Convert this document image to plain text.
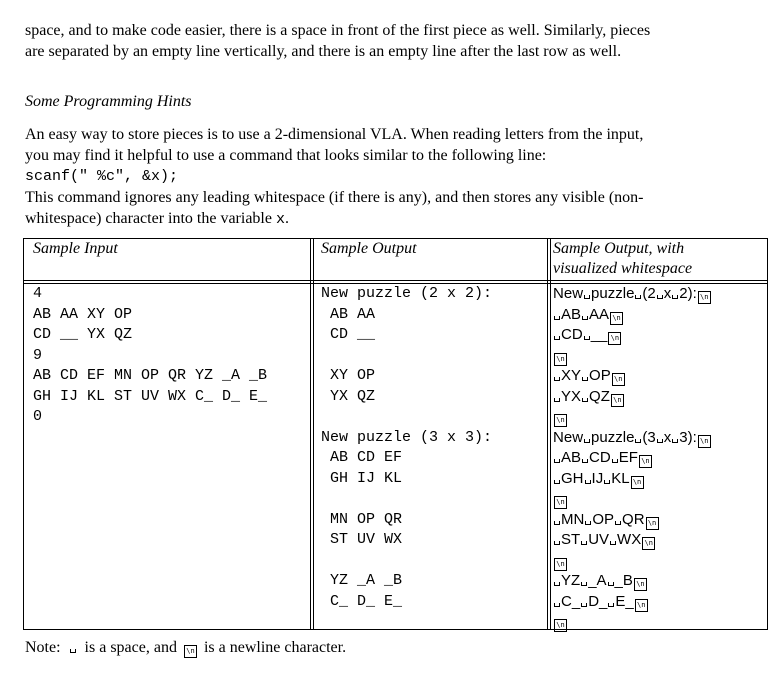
space, and to make code easier, there is a space in front of the first piece as well. Similarly, pieces
are separated by an empty line vertically, and there is an empty line after the last row as well.
Some Programming Hints
An easy way to store pieces is to use a 2-dimensional VLA. When reading letters from the input,
you may find it helpful to use a command that looks similar to the following line:
scanf(" %c", &x);
This command ignores any leading whitespace (if there is any), and then stores any visible (non-
whitespace) character into the variable x.
Sample Input	Sample Output	Sample Output, with
visualized whitespace
4
AB AA XY OP
CD __ YX QZ
9
AB CD EF MN OP QR YZ _A _B
GH IJ KL ST UV WX C_ D_ E_
0
New puzzle (2 x 2):
AB AA
CD __
XY OP
YX QZ
New puzzle (3 x 3):
AB CD EF
GH IJ KL
MN OP QR
ST UV WX
YZ _A _B
C_ D_ E_
New puzzle (2 x 2): \n
AB AA \n
CD __ \n
\n
XY OP \n
YX QZ \n
\n
New puzzle (3 x 3): \n
AB CD EF \n
GH IJ KL \n
\n
MN OP QR \n
ST UV WX \n
\n
YZ _A _B \n
C_ D_ E_ \n
\n
Note: is a space, and \n is a newline character.
